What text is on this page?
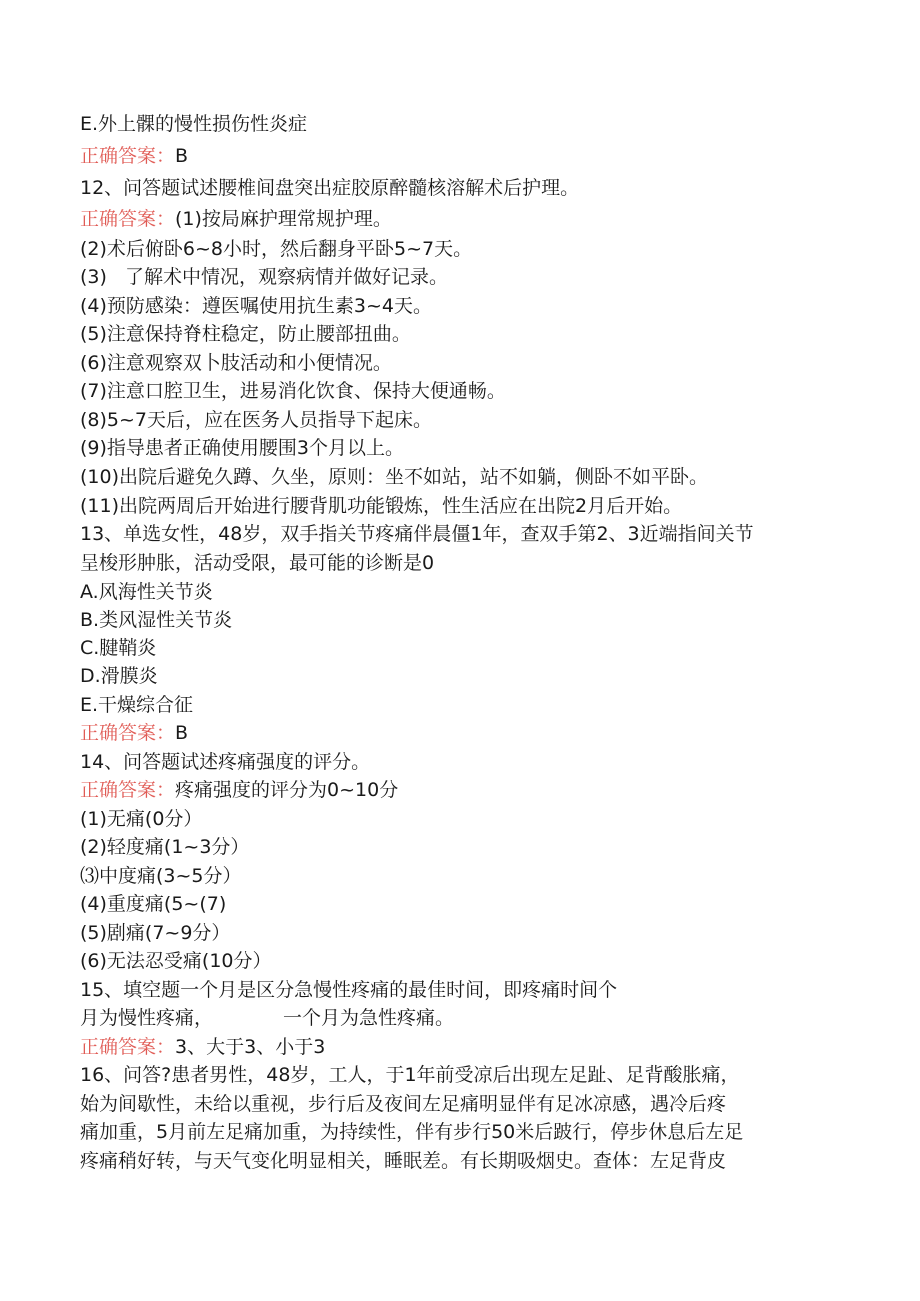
E.外上髁的慢性损伤性炎症
正确答案：B
12、问答题试述腰椎间盘突出症胶原醉髓核溶解术后护理。
正确答案：(1)按局麻护理常规护理。
(2)术后俯卧6~8小时，然后翻身平卧5~7天。
(3)   了解术中情况，观察病情并做好记录。
(4)预防感染：遵医嘱使用抗生素3~4天。
(5)注意保持脊柱稳定，防止腰部扭曲。
(6)注意观察双卜肢活动和小便情况。
(7)注意口腔卫生，进易消化饮食、保持大便通畅。
(8)5~7天后，应在医务人员指导下起床。
(9)指导患者正确使用腰围3个月以上。
(10)出院后避免久蹲、久坐，原则：坐不如站，站不如躺，侧卧不如平卧。
(11)出院两周后开始进行腰背肌功能锻炼，性生活应在出院2月后开始。
13、单选女性，48岁，双手指关节疼痛伴晨僵1年，查双手第2、3近端指间关节
呈梭形肿胀，活动受限，最可能的诊断是0
A.风海性关节炎
B.类风湿性关节炎
C.腱鞘炎
D.滑膜炎
E.干燥综合征
正确答案：B
14、问答题试述疼痛强度的评分。
正确答案：疼痛强度的评分为0~10分
(1)无痛(0分）
(2)轻度痛(1~3分）
⑶中度痛(3~5分）
(4)重度痛(5~(7)
(5)剧痛(7~9分）
(6)无法忍受痛(10分）
15、填空题一个月是区分急慢性疼痛的最佳时间，即疼痛时间个
月为慢性疼痛，	一个月为急性疼痛。
正确答案：3、大于3、小于3
16、问答?患者男性，48岁，工人，于1年前受凉后出现左足趾、足背酸胀痛，
始为间歇性，未给以重视，步行后及夜间左足痛明显伴有足冰凉感，遇冷后疼
痛加重，5月前左足痛加重，为持续性，伴有步行50米后跛行，停步休息后左足
疼痛稍好转，与天气变化明显相关，睡眠差。有长期吸烟史。查体：左足背皮
